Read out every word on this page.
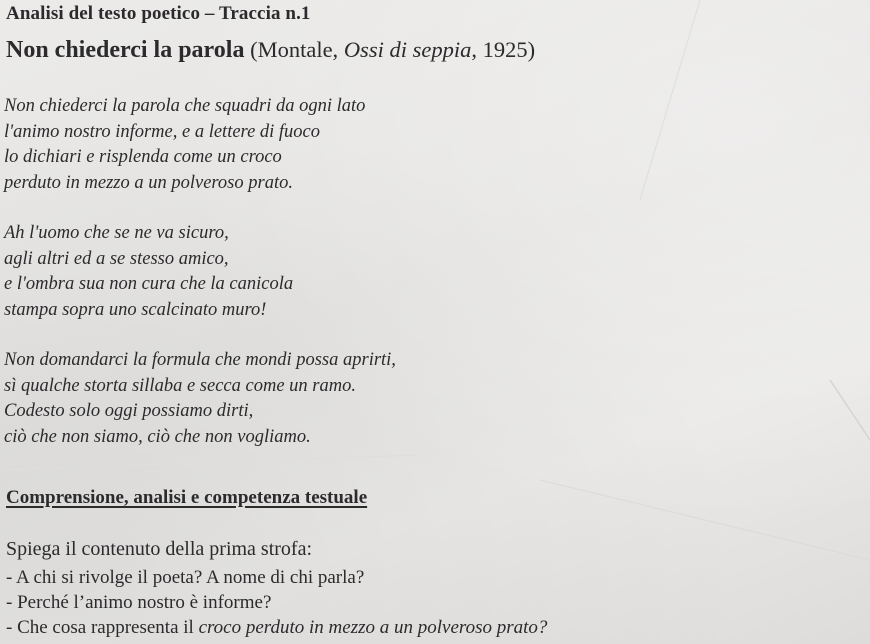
Analisi del testo poetico – Traccia n.1
Non chiederci la parola (Montale, Ossi di seppia, 1925)
Non chiederci la parola che squadri da ogni lato
l'animo nostro informe, e a lettere di fuoco
lo dichiari e risplenda come un croco
perduto in mezzo a un polveroso prato.
Ah l'uomo che se ne va sicuro,
agli altri ed a se stesso amico,
e l'ombra sua non cura che la canicola
stampa sopra uno scalcinato muro!
Non domandarci la formula che mondi possa aprirti,
sì qualche storta sillaba e secca come un ramo.
Codesto solo oggi possiamo dirti,
ciò che non siamo, ciò che non vogliamo.
Comprensione, analisi e competenza testuale
Spiega il contenuto della prima strofa:
- A chi si rivolge il poeta? A nome di chi parla?
- Perché l’animo nostro è informe?
- Che cosa rappresenta il croco perduto in mezzo a un polveroso prato?
